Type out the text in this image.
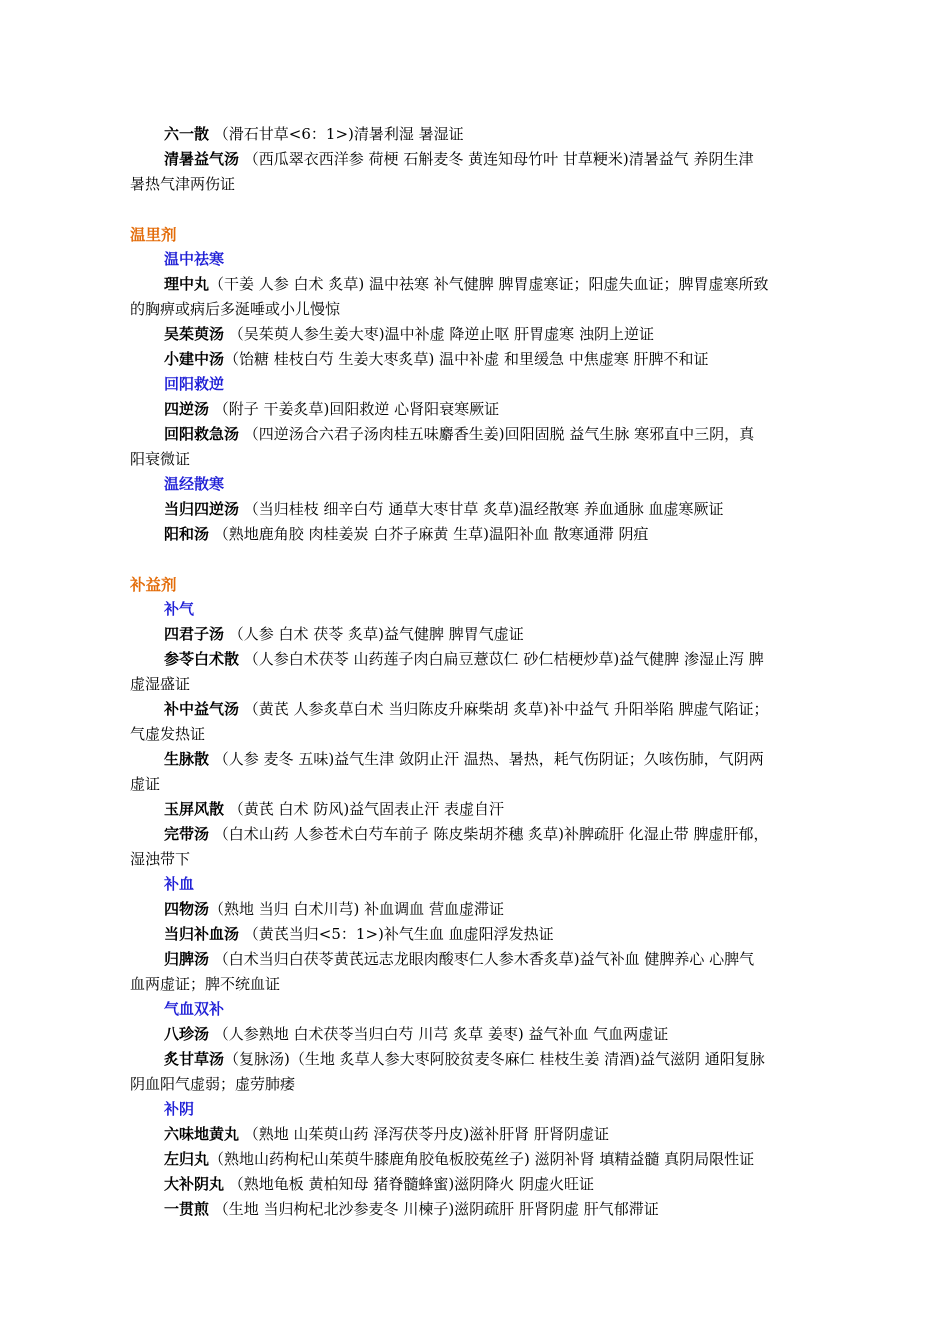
六一散 （滑石甘草<6：1>)清暑利湿 暑湿证
清暑益气汤 （西瓜翠衣西洋参 荷梗 石斛麦冬 黄连知母竹叶 甘草粳米)清暑益气 养阴生津
暑热气津两伤证
温里剂
温中祛寒
理中丸（干姜 人参 白术 炙草) 温中祛寒 补气健脾 脾胃虚寒证；阳虚失血证；脾胃虚寒所致
的胸痹或病后多涎唾或小儿慢惊
吴茱萸汤 （吴茱萸人参生姜大枣)温中补虚 降逆止呕 肝胃虚寒 浊阴上逆证
小建中汤（饴糖 桂枝白芍 生姜大枣炙草) 温中补虚 和里缓急 中焦虚寒 肝脾不和证
回阳救逆
四逆汤 （附子 干姜炙草)回阳救逆 心肾阳衰寒厥证
回阳救急汤 （四逆汤合六君子汤肉桂五味麝香生姜)回阳固脱 益气生脉 寒邪直中三阴，真
阳衰微证
温经散寒
当归四逆汤 （当归桂枝 细辛白芍 通草大枣甘草 炙草)温经散寒 养血通脉 血虚寒厥证
阳和汤 （熟地鹿角胶 肉桂姜炭 白芥子麻黄 生草)温阳补血 散寒通滞 阴疽
补益剂
补气
四君子汤 （人参 白术 茯苓 炙草)益气健脾 脾胃气虚证
参苓白术散 （人参白术茯苓 山药莲子肉白扁豆薏苡仁 砂仁桔梗炒草)益气健脾 渗湿止泻 脾
虚湿盛证
补中益气汤 （黄芪 人参炙草白术 当归陈皮升麻柴胡 炙草)补中益气 升阳举陷 脾虚气陷证；
气虚发热证
生脉散 （人参 麦冬 五味)益气生津 敛阴止汗 温热、暑热，耗气伤阴证；久咳伤肺，气阴两
虚证
玉屏风散 （黄芪 白术 防风)益气固表止汗 表虚自汗
完带汤 （白术山药 人参苍术白芍车前子 陈皮柴胡芥穗 炙草)补脾疏肝 化湿止带 脾虚肝郁，
湿浊带下
补血
四物汤（熟地 当归 白术川芎) 补血调血 营血虚滞证
当归补血汤 （黄芪当归<5：1>)补气生血 血虚阳浮发热证
归脾汤 （白术当归白茯苓黄芪远志龙眼肉酸枣仁人参木香炙草)益气补血 健脾养心 心脾气
血两虚证；脾不统血证
气血双补
八珍汤 （人参熟地 白术茯苓当归白芍 川芎 炙草 姜枣) 益气补血 气血两虚证
炙甘草汤（复脉汤)（生地 炙草人参大枣阿胶贫麦冬麻仁 桂枝生姜 清酒)益气滋阴 通阳复脉
阴血阳气虚弱；虚劳肺痿
补阴
六味地黄丸 （熟地 山茱萸山药 泽泻茯苓丹皮)滋补肝肾 肝肾阴虚证
左归丸（熟地山药枸杞山茱萸牛膝鹿角胶龟板胶菟丝子) 滋阴补肾 填精益髓 真阴局限性证
大补阴丸 （熟地龟板 黄柏知母 猪脊髓蜂蜜)滋阴降火 阴虚火旺证
一贯煎 （生地 当归枸杞北沙参麦冬 川楝子)滋阴疏肝 肝肾阴虚 肝气郁滞证
